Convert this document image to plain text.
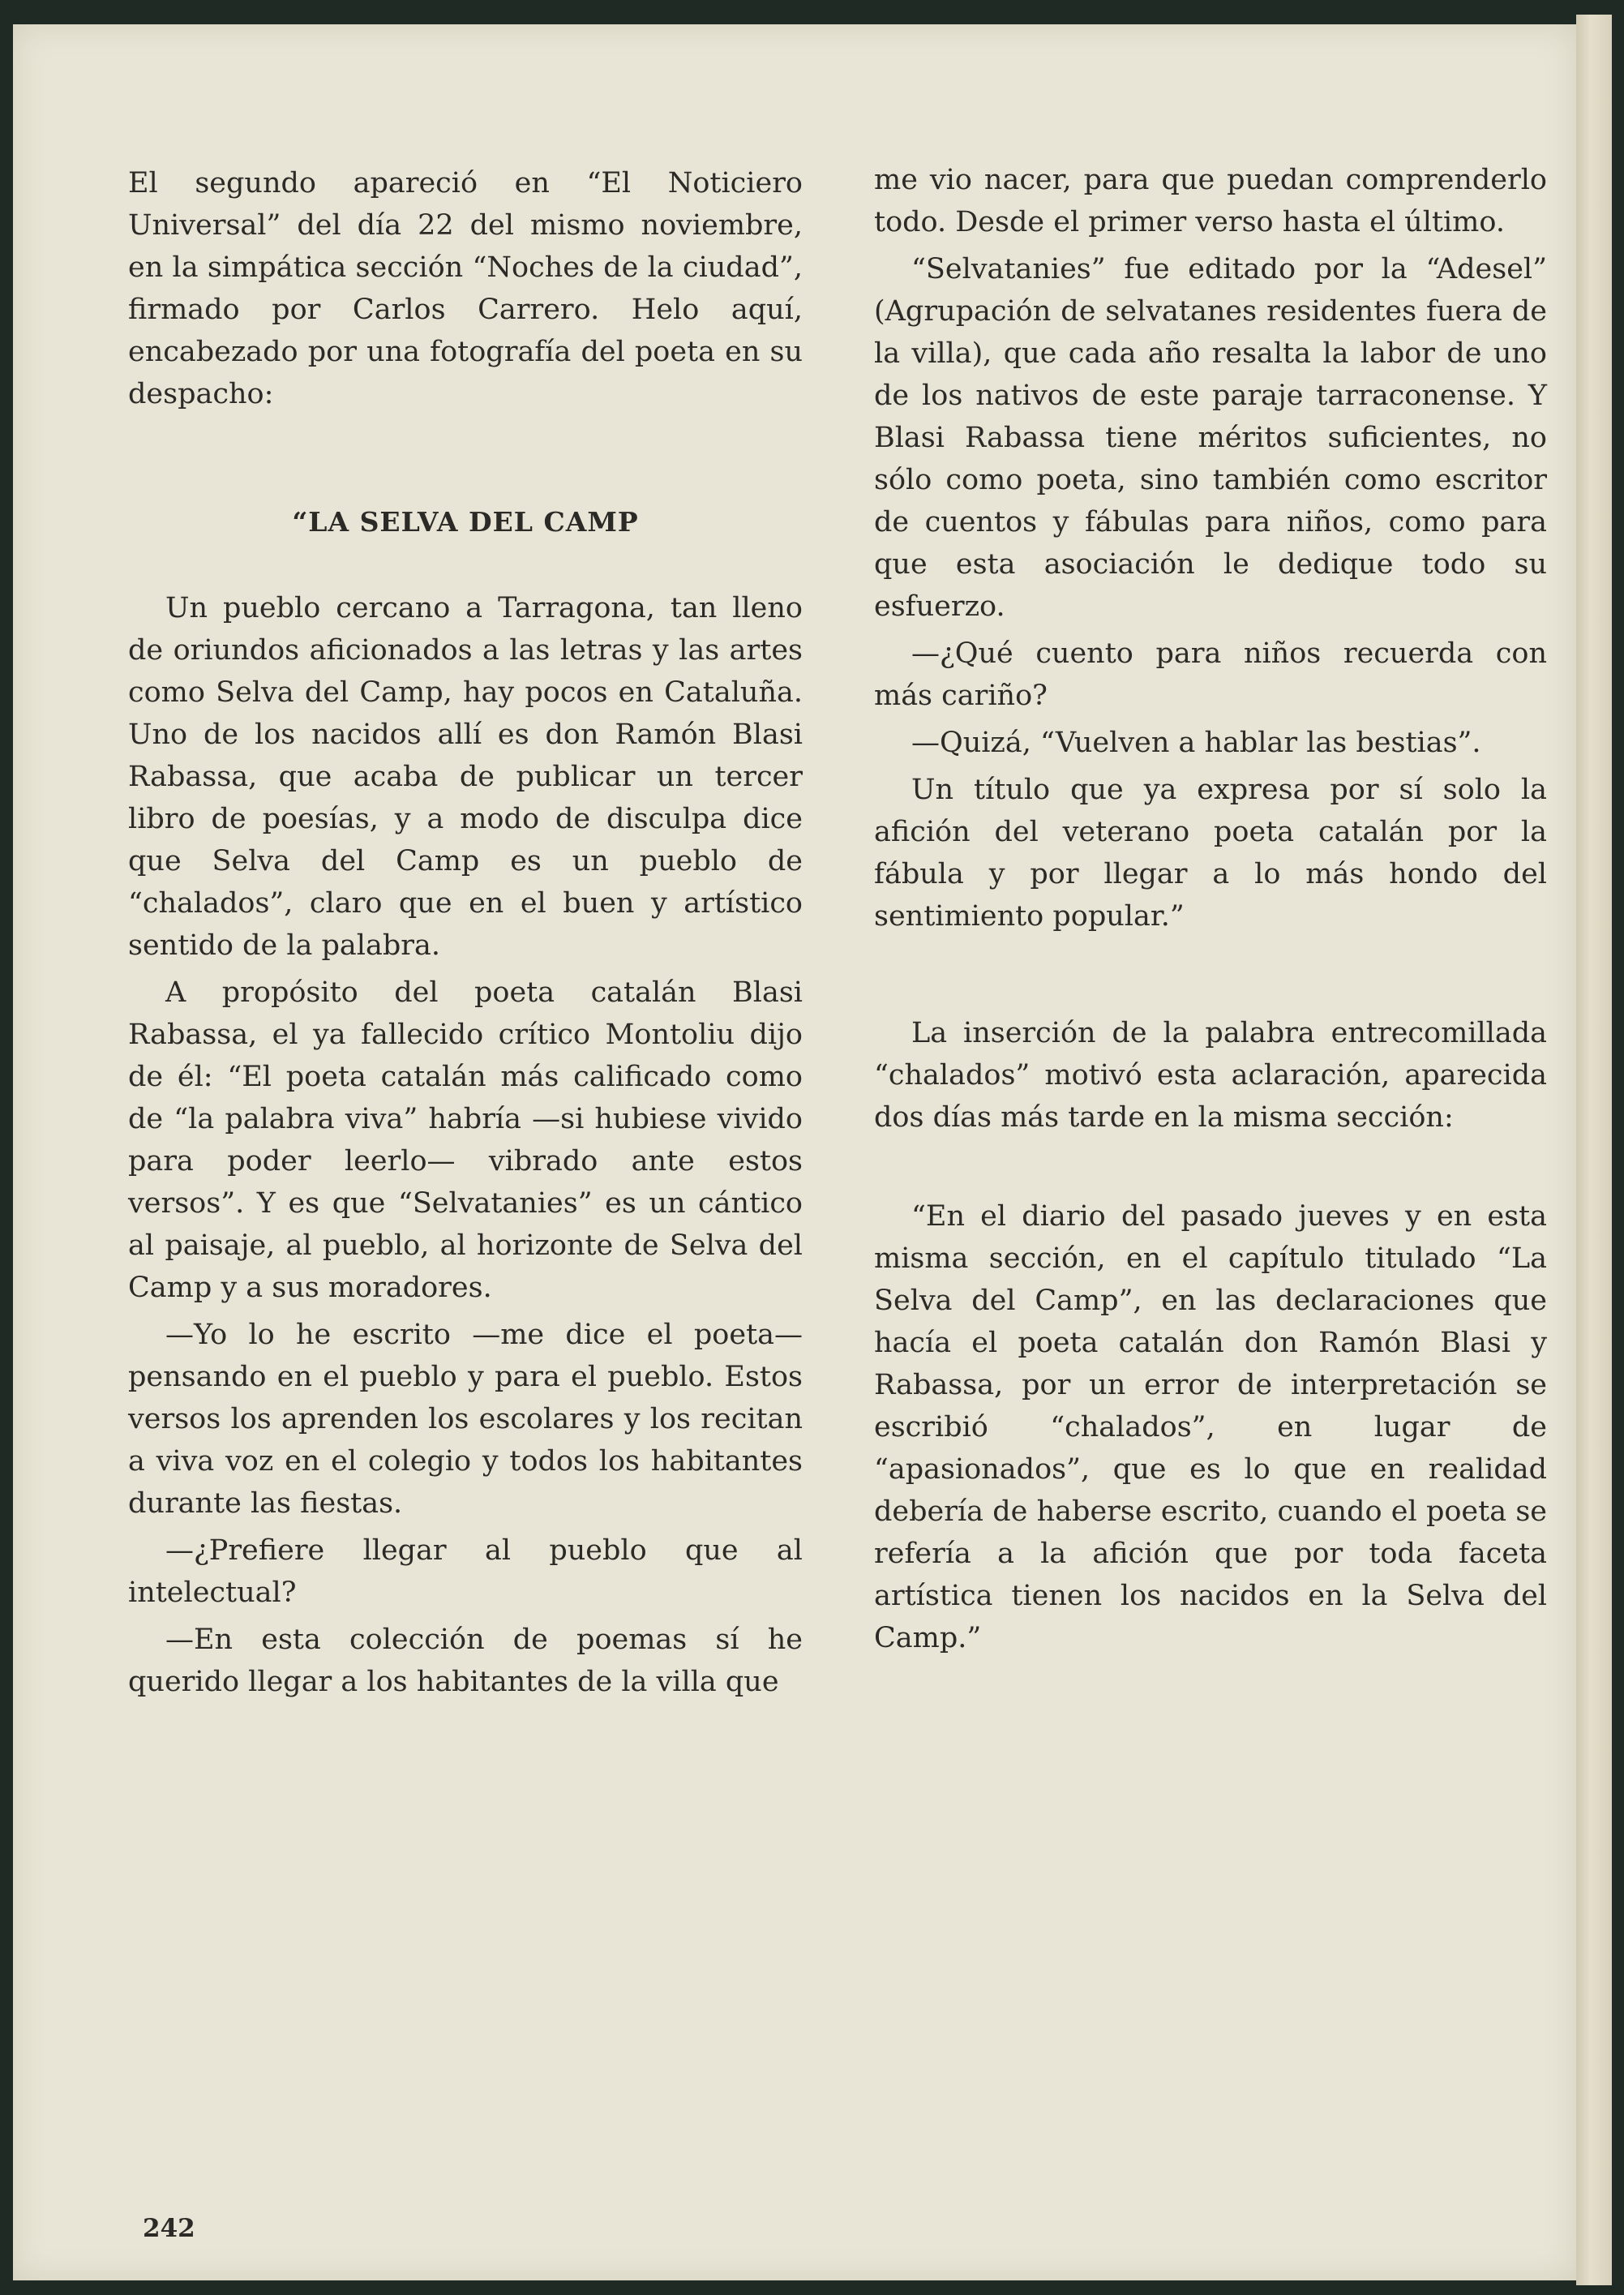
El segundo apareció en “El Noticiero Universal” del día 22 del mismo noviembre, en la simpática sección “Noches de la ciudad”, firmado por Carlos Carrero. Helo aquí, encabezado por una fotografía del poeta en su despacho:

“LA SELVA DEL CAMP

Un pueblo cercano a Tarragona, tan lleno de oriundos aficionados a las letras y las artes como Selva del Camp, hay pocos en Cataluña. Uno de los nacidos allí es don Ramón Blasi Rabassa, que acaba de publicar un tercer libro de poesías, y a modo de disculpa dice que Selva del Camp es un pueblo de “chalados”, claro que en el buen y artístico sentido de la palabra.

A propósito del poeta catalán Blasi Rabassa, el ya fallecido crítico Montoliu dijo de él: “El poeta catalán más calificado como de “la palabra viva” habría —si hubiese vivido para poder leerlo— vibrado ante estos versos”. Y es que “Selvatanies” es un cántico al paisaje, al pueblo, al horizonte de Selva del Camp y a sus moradores.

—Yo lo he escrito —me dice el poeta— pensando en el pueblo y para el pueblo. Estos versos los aprenden los escolares y los recitan a viva voz en el colegio y todos los habitantes durante las fiestas.

—¿Prefiere llegar al pueblo que al intelectual?

—En esta colección de poemas sí he querido llegar a los habitantes de la villa que

me vio nacer, para que puedan comprenderlo todo. Desde el primer verso hasta el último.

“Selvatanies” fue editado por la “Adesel” (Agrupación de selvatanes residentes fuera de la villa), que cada año resalta la labor de uno de los nativos de este paraje tarraconense. Y Blasi Rabassa tiene méritos suficientes, no sólo como poeta, sino también como escritor de cuentos y fábulas para niños, como para que esta asociación le dedique todo su esfuerzo.

—¿Qué cuento para niños recuerda con más cariño?

—Quizá, “Vuelven a hablar las bestias”.

Un título que ya expresa por sí solo la afición del veterano poeta catalán por la fábula y por llegar a lo más hondo del sentimiento popular.”

La inserción de la palabra entrecomillada “chalados” motivó esta aclaración, aparecida dos días más tarde en la misma sección:

“En el diario del pasado jueves y en esta misma sección, en el capítulo titulado “La Selva del Camp”, en las declaraciones que hacía el poeta catalán don Ramón Blasi y Rabassa, por un error de interpretación se escribió “chalados”, en lugar de “apasionados”, que es lo que en realidad debería de haberse escrito, cuando el poeta se refería a la afición que por toda faceta artística tienen los nacidos en la Selva del Camp.”

242
